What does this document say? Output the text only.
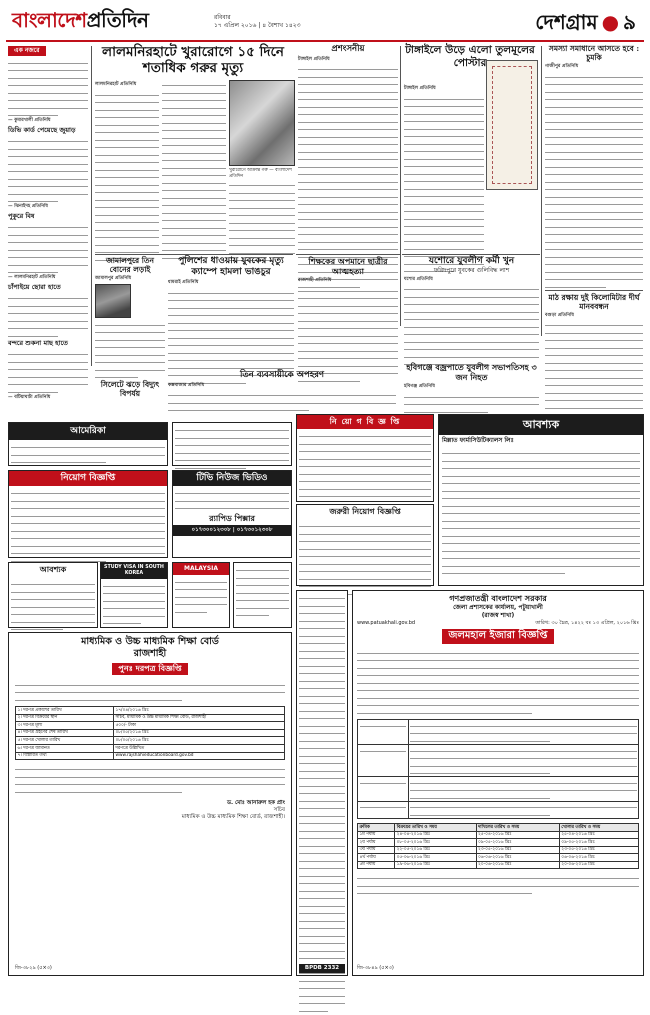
বাংলাদেশপ্রতিদিন	রবিবার
১৭ এপ্রিল ২০১৬ | ৪ বৈশাখ ১৪২৩	দেশগ্রাম ● ৯
এক নজরে
— কুমারখালী প্রতিনিধি
ডিভি কার্ড পেয়েছে জুয়াড়
— ঝিনাইদহ প্রতিনিধি
পুকুরে বিষ
— লালমনিরহাট প্রতিনিধি
চাঁপাইয়ে ছোরা হাতে
বন্দরে শুকনা মাছ হাতে
— বটিয়াঘাটা প্রতিনিধি
লালমনিরহাটে খুরারোগে ১৫ দিনে শতাধিক গরুর মৃত্যু
লালমনিরহাট প্রতিনিধি
খুরারোগে আক্রান্ত গরু — বাংলাদেশ প্রতিদিন
প্রশংসনীয়
টাঙ্গাইল প্রতিনিধি
টাঙ্গাইলে উড়ে এলো তুলমূলের পোস্টার
টাঙ্গাইল প্রতিনিধি
সমস্যা সমাধানে আসতে হবে : চুমকি
গাজীপুর প্রতিনিধি
মাঠ রক্ষায় দুই কিলোমিটার দীর্ঘ মানববন্ধন
বগুড়া প্রতিনিধি
শিক্ষকের অপমানে ছাত্রীর আত্মহত্যা
রাজশাহী প্রতিনিধি
যশোরে যুবলীগ কর্মী খুন
ফরিদপুরে যুবকের গুলিবিদ্ধ লাশ
যশোর প্রতিনিধি
হবিগঞ্জে বজ্রপাতে যুবলীগ সভাপতিসহ ৩ জন নিহত
হবিগঞ্জ প্রতিনিধি
জামালপুরে তিন বোনের লড়াই
জামালপুর প্রতিনিধি
সিলেটে ঝড়ে বিদ্যুৎ বিপর্যয়
পুলিশের ধাওয়ায় যুবকের মৃত্যু ক্যাম্পে হামলা ভাঙচুর
ধামরাই প্রতিনিধি
তিন ব্যবসায়ীকে অপহরণ
কক্সবাজার প্রতিনিধি
আমেরিকা
নিয়োগ বিজ্ঞপ্তি
আবশ্যক	STUDY VISA IN SOUTH KOREA
টিভি নিউজ ভিডিও
র‍্যাপিড পিক্সার
০১৭৩০০১২৩০৮ | ০১৭৩০১২৩০৮
MALAYSIA
নি য়ো গ বি জ্ঞ প্তি
জরুরী নিয়োগ বিজ্ঞপ্তি
আবশ্যক
মিল্লাত ফার্মাসিউটিক্যালস লিঃ
মাধ্যমিক ও উচ্চ মাধ্যমিক শিক্ষা বোর্ড
রাজশাহী
পুনঃ দরপত্র বিজ্ঞপ্তি
১। দরপত্র প্রকাশের তারিখ	১৭/০৪/২০১৬ খ্রিঃ
২। দরপত্র বিক্রয়ের স্থান	সচিব, মাধ্যমিক ও উচ্চ মাধ্যমিক শিক্ষা বোর্ড, রাজশাহী
৩। দরপত্র মূল্য	৫০০/- টাকা
৪। দরপত্র গ্রহণের শেষ তারিখ	০৮/০৫/২০১৬ খ্রিঃ
৫। দরপত্র খোলার তারিখ	০৮/০৫/২০১৬ খ্রিঃ
৬। দরপত্র জামানত	দরপত্রে উল্লিখিত
৭। বিস্তারিত তথ্য	www.rajshahieducationboard.gov.bd
ড. মোঃ আনারুল হক প্রাং
সচিব
মাধ্যমিক ও উচ্চ মাধ্যমিক শিক্ষা বোর্ড, রাজশাহী।
জি-৩৮২৯ (৫×৩)	BPDB 2332
গণপ্রজাতন্ত্রী বাংলাদেশ সরকার
জেলা প্রশাসকের কার্যালয়, পটুয়াখালী
(রাজস্ব শাখা)
www.patuakhali.gov.bd	তারিখ: ৩০ চৈত্র, ১৪২২ বঃ ১৩ এপ্রিল, ২০১৬ খ্রিঃ
জলমহাল ইজারা বিজ্ঞপ্তি

ক্রমিক	বিক্রয়ের তারিখ ও সময়	দাখিলের তারিখ ও সময়	খোলার তারিখ ও সময়
১ম পর্যায়	২৪-০৪-২০১৬ খ্রিঃ	২৫-০৪-২০১৬ খ্রিঃ	২৫-০৪-২০১৬ খ্রিঃ
২য় পর্যায়	০৮-০৫-২০১৬ খ্রিঃ	০৯-০৫-২০১৬ খ্রিঃ	০৯-০৫-২০১৬ খ্রিঃ
৩য় পর্যায়	২২-০৫-২০১৬ খ্রিঃ	২৩-০৫-২০১৬ খ্রিঃ	২৩-০৫-২০১৬ খ্রিঃ
৪র্থ পর্যায়	০৫-০৬-২০১৬ খ্রিঃ	০৬-০৬-২০১৬ খ্রিঃ	০৬-০৬-২০১৬ খ্রিঃ
৫ম পর্যায়	১৯-০৬-২০১৬ খ্রিঃ	২০-০৬-২০১৬ খ্রিঃ	২০-০৬-২০১৬ খ্রিঃ
জি-৩৮৪৯ (৫×৩)
